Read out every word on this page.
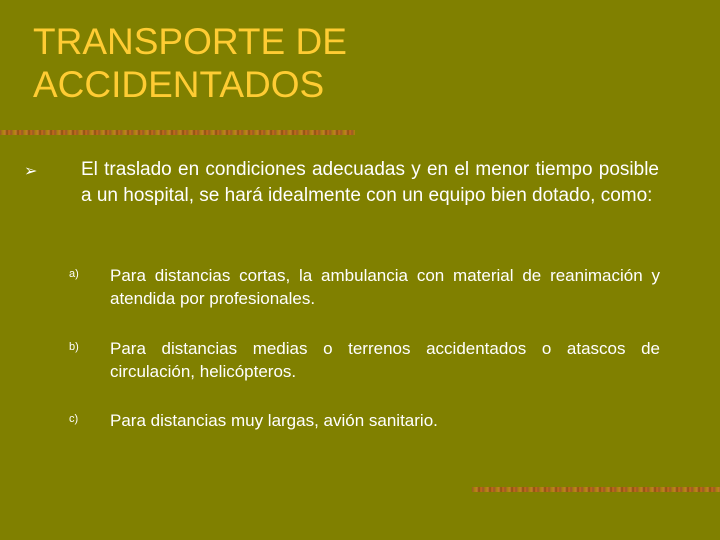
TRANSPORTE DE ACCIDENTADOS
➢ El traslado en condiciones adecuadas y en el menor tiempo posible a un hospital, se hará idealmente con un equipo bien dotado, como:
a) Para distancias cortas, la ambulancia con material de reanimación y atendida por profesionales.
b) Para distancias medias o terrenos accidentados o atascos de circulación, helicópteros.
c) Para distancias muy largas, avión sanitario.
